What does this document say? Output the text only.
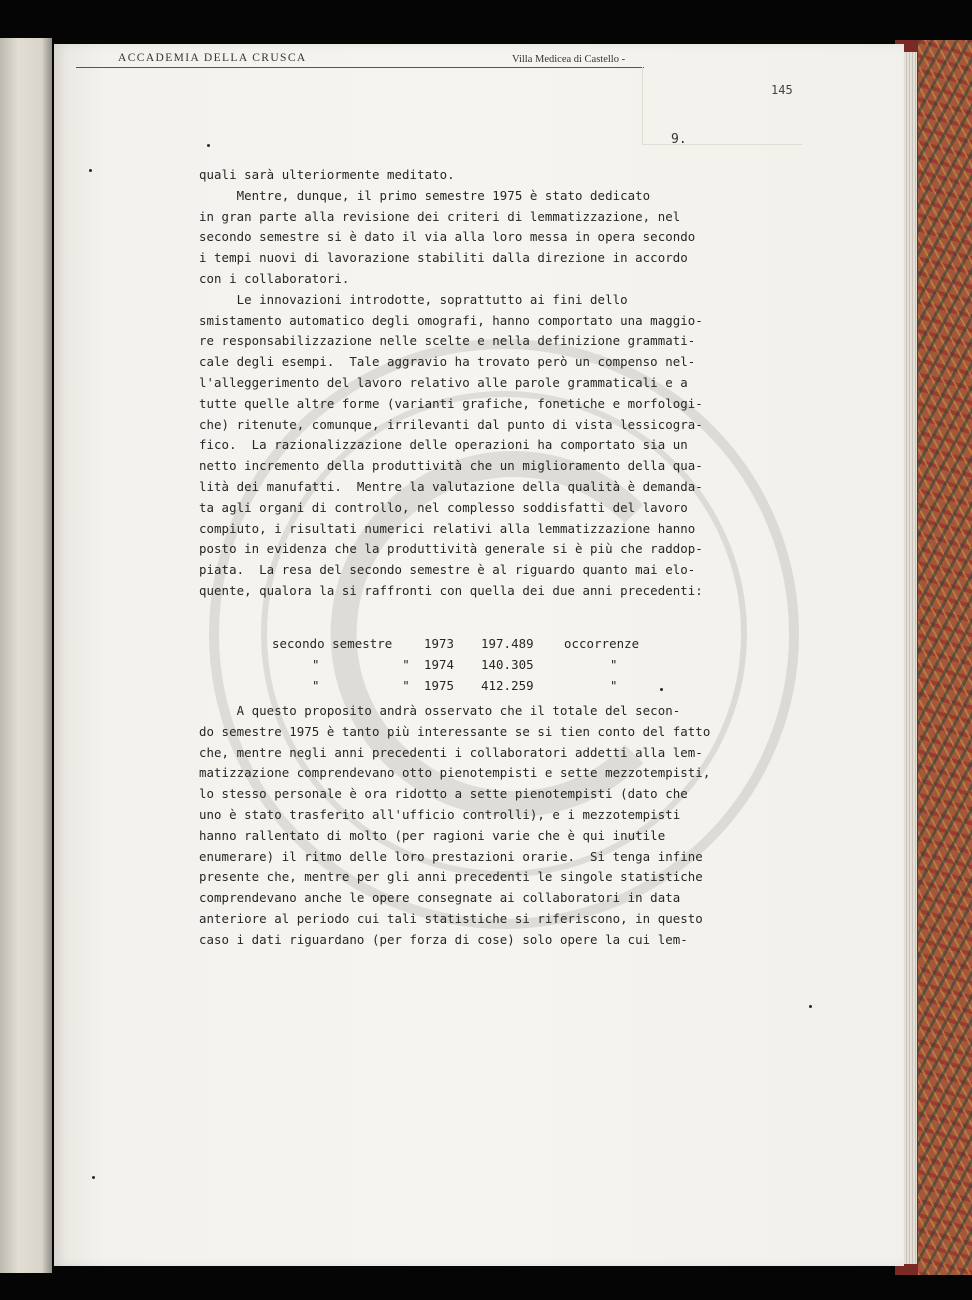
ACCADEMIA DELLA CRUSCA	Villa Medicea di Castello -
145
9.
quali sarà ulteriormente meditato.
Mentre, dunque, il primo semestre 1975 è stato dedicato
in gran parte alla revisione dei criteri di lemmatizzazione, nel
secondo semestre si è dato il via alla loro messa in opera secondo
i tempi nuovi di lavorazione stabiliti dalla direzione in accordo
con i collaboratori.
Le innovazioni introdotte, soprattutto ai fini dello
smistamento automatico degli omografi, hanno comportato una maggio-
re responsabilizzazione nelle scelte e nella definizione grammati-
cale degli esempi.  Tale aggravio ha trovato però un compenso nel-
l'alleggerimento del lavoro relativo alle parole grammaticali e a
tutte quelle altre forme (varianti grafiche, fonetiche e morfologi-
che) ritenute, comunque, irrilevanti dal punto di vista lessicogra-
fico.  La razionalizzazione delle operazioni ha comportato sia un
netto incremento della produttività che un miglioramento della qua-
lità dei manufatti.  Mentre la valutazione della qualità è demanda-
ta agli organi di controllo, nel complesso soddisfatti del lavoro
compiuto, i risultati numerici relativi alla lemmatizzazione hanno
posto in evidenza che la produttività generale si è più che raddop-
piata.  La resa del secondo semestre è al riguardo quanto mai elo-
quente, qualora la si raffronti con quella dei due anni precedenti:
secondo semestre	1973 197.489 occorrenze
"           " 1974 140.305	"
"           " 1975 412.259	"
A questo proposito andrà osservato che il totale del secon-
do semestre 1975 è tanto più interessante se si tien conto del fatto
che, mentre negli anni precedenti i collaboratori addetti alla lem-
matizzazione comprendevano otto pienotempisti e sette mezzotempisti,
lo stesso personale è ora ridotto a sette pienotempisti (dato che
uno è stato trasferito all'ufficio controlli), e i mezzotempisti
hanno rallentato di molto (per ragioni varie che è qui inutile
enumerare) il ritmo delle loro prestazioni orarie.  Si tenga infine
presente che, mentre per gli anni precedenti le singole statistiche
comprendevano anche le opere consegnate ai collaboratori in data
anteriore al periodo cui tali statistiche si riferiscono, in questo
caso i dati riguardano (per forza di cose) solo opere la cui lem-
